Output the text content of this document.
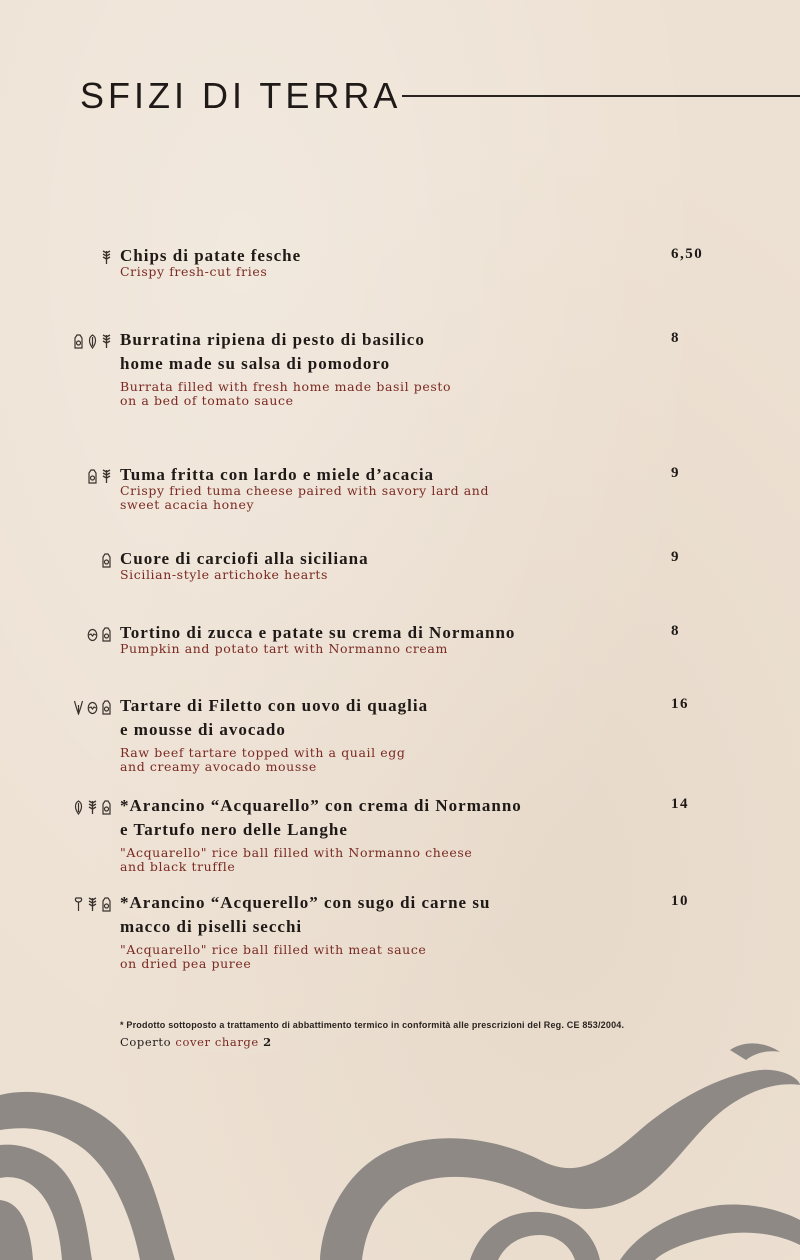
SFIZI DI TERRA
Chips di patate fesche
Crispy fresh-cut fries
6,50
Burratina ripiena di pesto di basilico
home made su salsa di pomodoro
Burrata filled with fresh home made basil pesto
on a bed of tomato sauce
8
Tuma fritta con lardo e miele d’acacia
Crispy fried tuma cheese paired with savory lard and
sweet acacia honey
9
Cuore di carciofi alla siciliana
Sicilian-style artichoke hearts
9
Tortino di zucca e patate su crema di Normanno
Pumpkin and potato tart with Normanno cream
8
Tartare di Filetto con uovo di quaglia
e mousse di avocado
Raw beef tartare topped with a quail egg
and creamy avocado mousse
16
*Arancino “Acquarello” con crema di Normanno
e Tartufo nero delle Langhe
"Acquarello" rice ball filled with Normanno cheese
and black truffle
14
*Arancino “Acquerello” con sugo di carne su
macco di piselli secchi
"Acquarello" rice ball filled with meat sauce
on dried pea puree
10
* Prodotto sottoposto a trattamento di abbattimento termico in conformità alle prescrizioni del Reg. CE 853/2004.
Coperto cover charge 2
